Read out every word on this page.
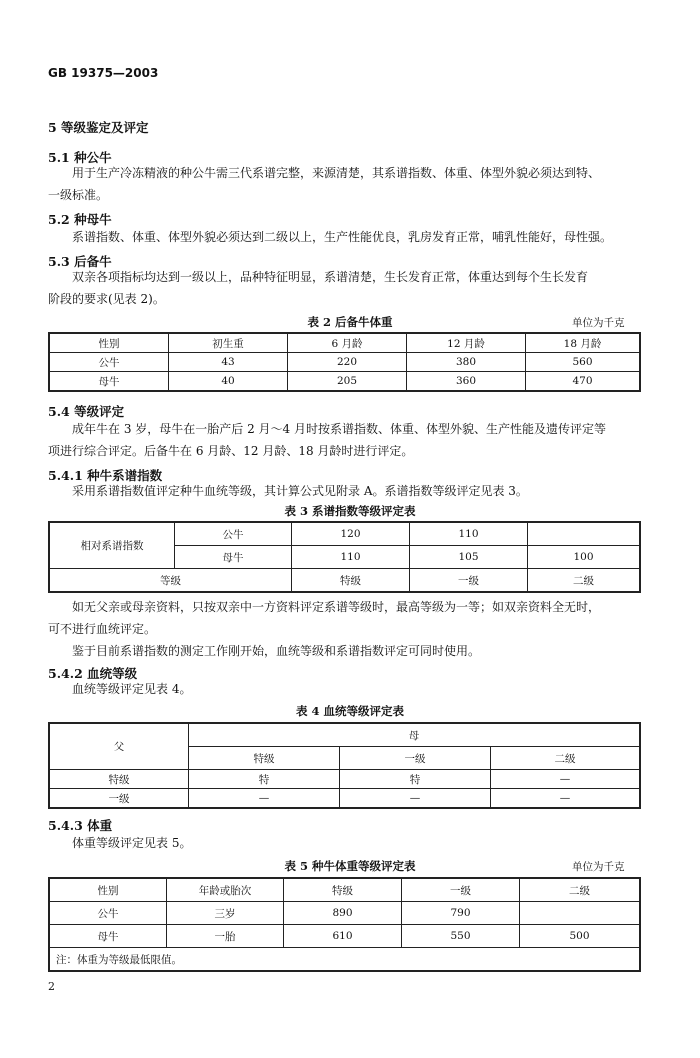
GB 19375—2003
5 等级鉴定及评定
5.1 种公牛
用于生产冷冻精液的种公牛需三代系谱完整，来源清楚，其系谱指数、体重、体型外貌必须达到特、
一级标准。
5.2 种母牛
系谱指数、体重、体型外貌必须达到二级以上，生产性能优良，乳房发育正常，哺乳性能好，母性强。
5.3 后备牛
双亲各项指标均达到一级以上，品种特征明显，系谱清楚，生长发育正常，体重达到每个生长发育
阶段的要求(见表 2)。
表 2 后备牛体重	单位为千克
性别	初生重	6 月龄	12 月龄	18 月龄
公牛	43	220	380	560
母牛	40	205	360	470
5.4 等级评定
成年牛在 3 岁，母牛在一胎产后 2 月～4 月时按系谱指数、体重、体型外貌、生产性能及遗传评定等
项进行综合评定。后备牛在 6 月龄、12 月龄、18 月龄时进行评定。
5.4.1 种牛系谱指数
采用系谱指数值评定种牛血统等级，其计算公式见附录 A。系谱指数等级评定见表 3。
表 3 系谱指数等级评定表
相对系谱指数	公牛	120	110	
	母牛	110	105	100
等级		特级	一级	二级
如无父亲或母亲资料，只按双亲中一方资料评定系谱等级时，最高等级为一等；如双亲资料全无时，
可不进行血统评定。
鉴于目前系谱指数的测定工作刚开始，血统等级和系谱指数评定可同时使用。
5.4.2 血统等级
血统等级评定见表 4。
表 4 血统等级评定表
父	母		
	特级	一级	二级
特级	特	特	—
一级	—	—	—
5.4.3 体重
体重等级评定见表 5。
表 5 种牛体重等级评定表	单位为千克
性别	年龄或胎次	特级	一级	二级
公牛	三岁	890	790	
母牛	一胎	610	550	500
注：体重为等级最低限值。				
2
